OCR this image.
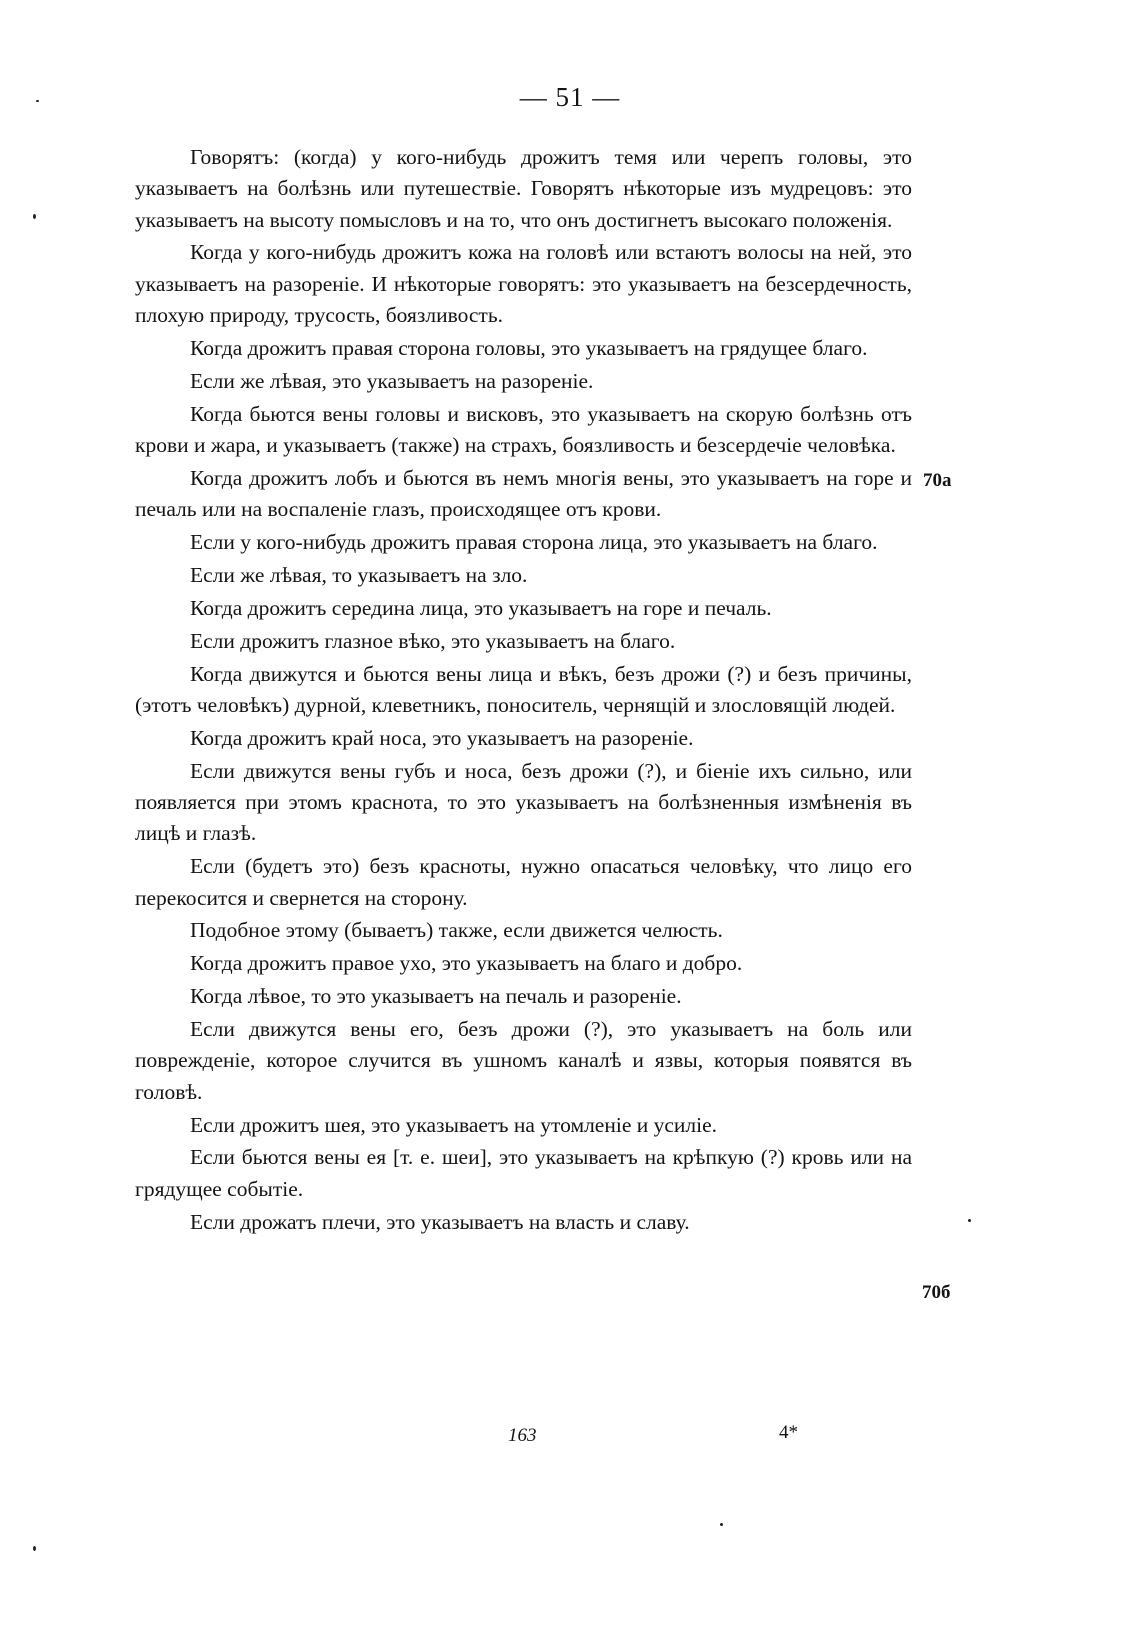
— 51 —

Говорятъ: (когда) у кого-нибудь дрожитъ темя или черепъ головы, это указываетъ на болѣзнь или путешествіе. Говорятъ нѣкоторые изъ мудрецовъ: это указываетъ на высоту помысловъ и на то, что онъ достигнетъ высокаго положенія.

Когда у кого-нибудь дрожитъ кожа на головѣ или встаютъ волосы на ней, это указываетъ на разореніе. И нѣкоторые говорятъ: это указываетъ на безсердечность, плохую природу, трусость, боязливость.

Когда дрожитъ правая сторона головы, это указываетъ на грядущее благо.

Если же лѣвая, это указываетъ на разореніе.

Когда бьются вены головы и висковъ, это указываетъ на скорую болѣзнь отъ крови и жара, и указываетъ (также) на страхъ, боязливость и безсердечіе человѣка.

Когда дрожитъ лобъ и бьются въ немъ многія вены, это указываетъ на горе и печаль или на воспаленіе глазъ, происходящее отъ крови.

Если у кого-нибудь дрожитъ правая сторона лица, это указываетъ на благо.

Если же лѣвая, то указываетъ на зло.

Когда дрожитъ середина лица, это указываетъ на горе и печаль.

Если дрожитъ глазное вѣко, это указываетъ на благо.

Когда движутся и бьются вены лица и вѣкъ, безъ дрожи (?) и безъ причины, (этотъ человѣкъ) дурной, клеветникъ, поноситель, чернящій и злословящій людей.

Когда дрожитъ край носа, это указываетъ на разореніе.

Если движутся вены губъ и носа, безъ дрожи (?), и біеніе ихъ сильно, или появляется при этомъ краснота, то это указываетъ на болѣзненныя измѣненія въ лицѣ и глазѣ.

Если (будетъ это) безъ красноты, нужно опасаться человѣку, что лицо его перекосится и свернется на сторону.

Подобное этому (бываетъ) также, если движется челюсть.

Когда дрожитъ правое ухо, это указываетъ на благо и добро.

Когда лѣвое, то это указываетъ на печаль и разореніе.

Если движутся вены его, безъ дрожи (?), это указываетъ на боль или поврежденіе, которое случится въ ушномъ каналѣ и язвы, которыя появятся въ головѣ.

Если дрожитъ шея, это указываетъ на утомленіе и усиліе.

Если бьются вены ея [т. е. шеи], это указываетъ на крѣпкую (?) кровь или на грядущее событіе.

Если дрожатъ плечи, это указываетъ на власть и славу.

70а
70б
163	4*
